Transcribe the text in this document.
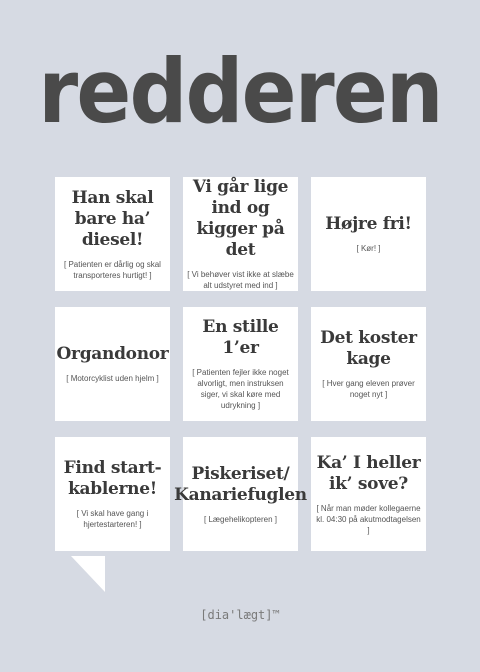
redderen
Han skal bare ha’ diesel!
[ Patienten er dårlig og skal transporteres hurtigt! ]
Vi går lige ind og kigger på det
[ Vi behøver vist ikke at slæbe alt udstyret med ind ]
Højre fri!
[ Kør! ]
Organdonor
[ Motorcyklist uden hjelm ]
En stille 1’er
[ Patienten fejler ikke noget alvorligt, men instruksen siger, vi skal køre med udrykning ]
Det koster kage
[ Hver gang eleven prøver noget nyt ]
Find start-kablerne!
[ Vi skal have gang i hjertestarteren! ]
Piskeriset/ Kanariefuglen
[ Lægehelikopteren ]
Ka’ I heller ik’ sove?
[ Når man møder kollegaerne kl. 04:30 på akutmodtagelsen ]
[dia'lægt]™
